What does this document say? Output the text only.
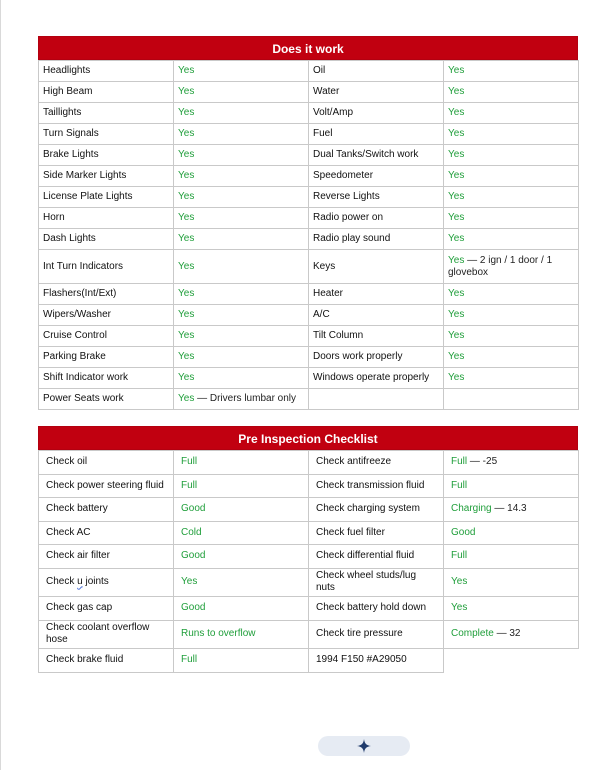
Does it work
Headlights	Yes	Oil	Yes
High Beam	Yes	Water	Yes
Taillights	Yes	Volt/Amp	Yes
Turn Signals	Yes	Fuel	Yes
Brake Lights	Yes	Dual Tanks/Switch work	Yes
Side Marker Lights	Yes	Speedometer	Yes
License Plate Lights	Yes	Reverse Lights	Yes
Horn	Yes	Radio power on	Yes
Dash Lights	Yes	Radio play sound	Yes
Int Turn Indicators	Yes	Keys	Yes — 2 ign / 1 door / 1 glovebox
Flashers(Int/Ext)	Yes	Heater	Yes
Wipers/Washer	Yes	A/C	Yes
Cruise Control	Yes	Tilt Column	Yes
Parking Brake	Yes	Doors work properly	Yes
Shift Indicator work	Yes	Windows operate properly	Yes
Power Seats work	Yes — Drivers lumbar only		
Pre Inspection Checklist
Check oil	Full	Check antifreeze	Full — -25
Check power steering fluid	Full	Check transmission fluid	Full
Check battery	Good	Check charging system	Charging — 14.3
Check AC	Cold	Check fuel filter	Good
Check air filter	Good	Check differential fluid	Full
Check u joints	Yes	Check wheel studs/lug nuts	Yes
Check gas cap	Good	Check battery hold down	Yes
Check coolant overflow hose	Runs to overflow	Check tire pressure	Complete — 32
Check brake fluid	Full	1994 F150 #A29050	
